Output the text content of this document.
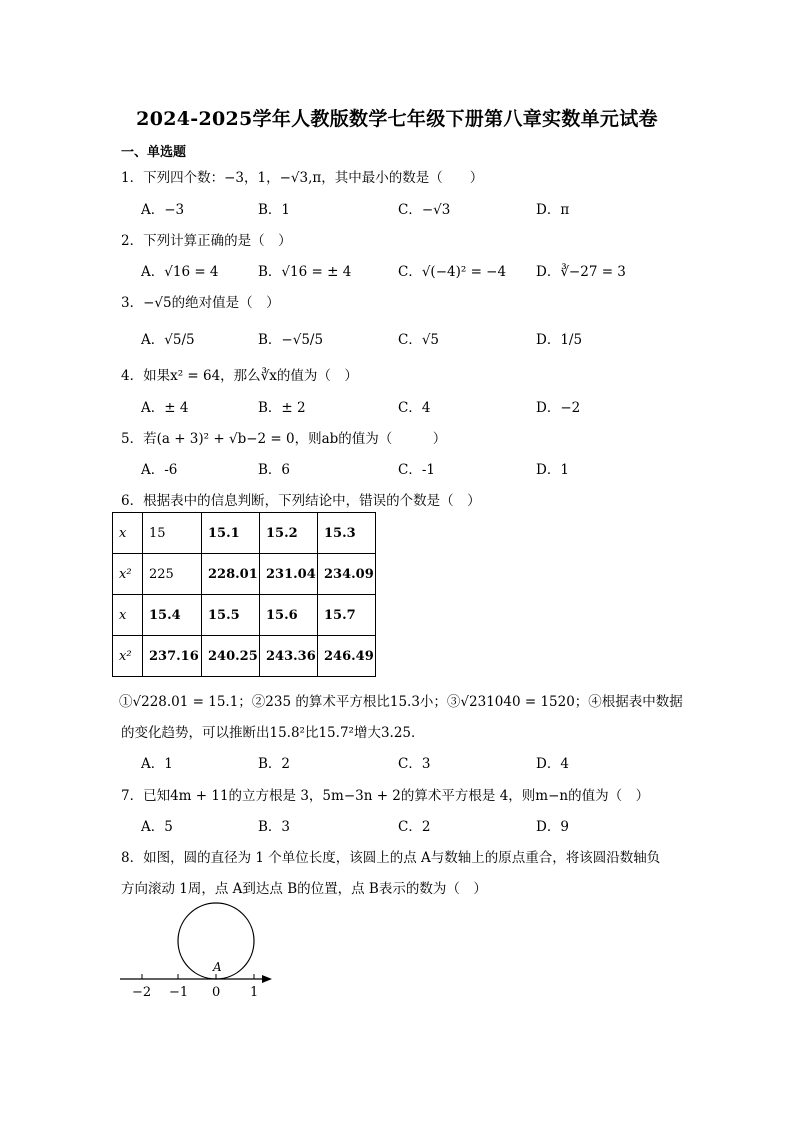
2024-2025学年人教版数学七年级下册第八章实数单元试卷
一、单选题
1．下列四个数：−3，1，−√3,π，其中最小的数是（　　）
A．−3	B．1	C．−√3	D．π
2．下列计算正确的是（　）
A．√16 = 4	B．√16 = ± 4	C．√(−4)² = −4 D．∛−27 = 3
3．−√5的绝对值是（　）
A．√5/5	B．−√5/5	C．√5	D．1/5
4．如果x² = 64，那么∛x的值为（　）
A．± 4	B．± 2	C．4	D．−2
5．若(a + 3)² + √b−2 = 0，则ab的值为（　　　）
A．-6	B．6	C．-1	D．1
6．根据表中的信息判断，下列结论中，错误的个数是（　）
x	15	15.1	15.2	15.3
x²	225	228.01	231.04	234.09
x	15.4	15.5	15.6	15.7
x²	237.16	240.25	243.36	246.49
①√228.01 = 15.1；②235 的算术平方根比15.3小；③√231040 = 1520；④根据表中数据
的变化趋势，可以推断出15.8²比15.7²增大3.25．
A．1	B．2	C．3	D．4
7．已知4m + 11的立方根是 3，5m−3n + 2的算术平方根是 4，则m−n的值为（　）
A．5	B．3	C．2	D．9
8．如图，圆的直径为 1 个单位长度，该圆上的点 A与数轴上的原点重合，将该圆沿数轴负
方向滚动 1周，点 A到达点 B的位置，点 B表示的数为（　）
A
−2 −1 0 1
